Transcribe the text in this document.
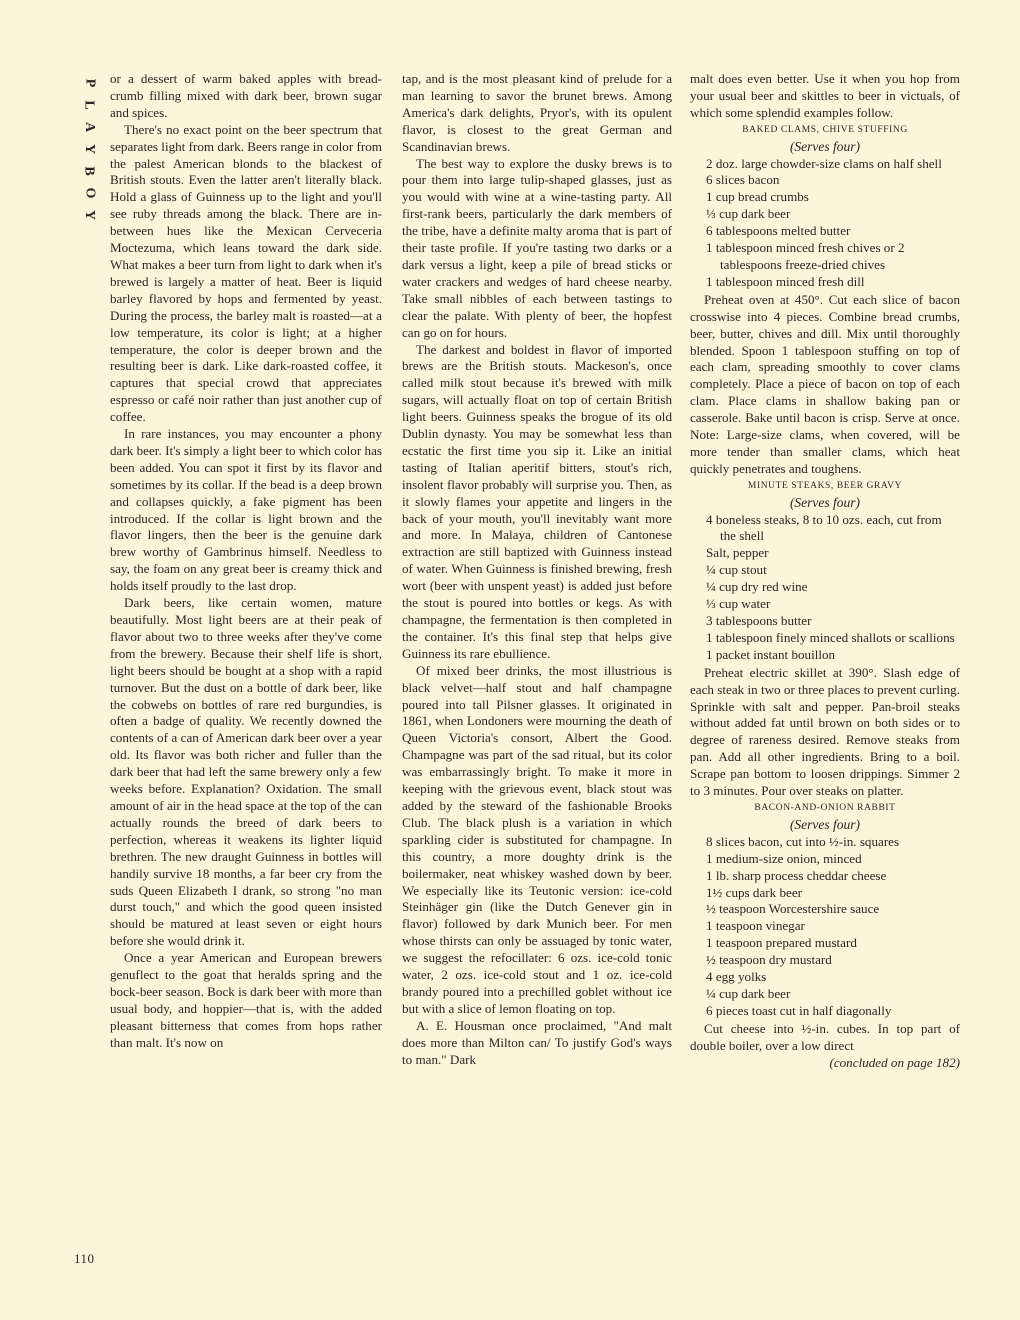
P
L
A
Y
B
O
Y
110

or a dessert of warm baked apples with bread-crumb filling mixed with dark beer, brown sugar and spices.

There's no exact point on the beer spectrum that separates light from dark. Beers range in color from the palest American blonds to the blackest of British stouts. Even the latter aren't literally black. Hold a glass of Guinness up to the light and you'll see ruby threads among the black. There are in-between hues like the Mexican Cerveceria Moctezuma, which leans toward the dark side. What makes a beer turn from light to dark when it's brewed is largely a matter of heat. Beer is liquid barley flavored by hops and fermented by yeast. During the process, the barley malt is roasted—at a low temperature, its color is light; at a higher temperature, the color is deeper brown and the resulting beer is dark. Like dark-roasted coffee, it captures that special crowd that appreciates espresso or café noir rather than just another cup of coffee.

In rare instances, you may encounter a phony dark beer. It's simply a light beer to which color has been added. You can spot it first by its flavor and sometimes by its collar. If the bead is a deep brown and collapses quickly, a fake pigment has been introduced. If the collar is light brown and the flavor lingers, then the beer is the genuine dark brew worthy of Gambrinus himself. Needless to say, the foam on any great beer is creamy thick and holds itself proudly to the last drop.

Dark beers, like certain women, mature beautifully. Most light beers are at their peak of flavor about two to three weeks after they've come from the brewery. Because their shelf life is short, light beers should be bought at a shop with a rapid turnover. But the dust on a bottle of dark beer, like the cobwebs on bottles of rare red burgundies, is often a badge of quality. We recently downed the contents of a can of American dark beer over a year old. Its flavor was both richer and fuller than the dark beer that had left the same brewery only a few weeks before. Explanation? Oxidation. The small amount of air in the head space at the top of the can actually rounds the breed of dark beers to perfection, whereas it weakens its lighter liquid brethren. The new draught Guinness in bottles will handily survive 18 months, a far beer cry from the suds Queen Elizabeth I drank, so strong "no man durst touch," and which the good queen insisted should be matured at least seven or eight hours before she would drink it.

Once a year American and European brewers genuflect to the goat that heralds spring and the bock-beer season. Bock is dark beer with more than usual body, and hoppier—that is, with the added pleasant bitterness that comes from hops rather than malt. It's now on

tap, and is the most pleasant kind of prelude for a man learning to savor the brunet brews. Among America's dark delights, Pryor's, with its opulent flavor, is closest to the great German and Scandinavian brews.

The best way to explore the dusky brews is to pour them into large tulip-shaped glasses, just as you would with wine at a wine-tasting party. All first-rank beers, particularly the dark members of the tribe, have a definite malty aroma that is part of their taste profile. If you're tasting two darks or a dark versus a light, keep a pile of bread sticks or water crackers and wedges of hard cheese nearby. Take small nibbles of each between tastings to clear the palate. With plenty of beer, the hopfest can go on for hours.

The darkest and boldest in flavor of imported brews are the British stouts. Mackeson's, once called milk stout because it's brewed with milk sugars, will actually float on top of certain British light beers. Guinness speaks the brogue of its old Dublin dynasty. You may be somewhat less than ecstatic the first time you sip it. Like an initial tasting of Italian aperitif bitters, stout's rich, insolent flavor probably will surprise you. Then, as it slowly flames your appetite and lingers in the back of your mouth, you'll inevitably want more and more. In Malaya, children of Cantonese extraction are still baptized with Guinness instead of water. When Guinness is finished brewing, fresh wort (beer with unspent yeast) is added just before the stout is poured into bottles or kegs. As with champagne, the fermentation is then completed in the container. It's this final step that helps give Guinness its rare ebullience.

Of mixed beer drinks, the most illustrious is black velvet—half stout and half champagne poured into tall Pilsner glasses. It originated in 1861, when Londoners were mourning the death of Queen Victoria's consort, Albert the Good. Champagne was part of the sad ritual, but its color was embarrassingly bright. To make it more in keeping with the grievous event, black stout was added by the steward of the fashionable Brooks Club. The black plush is a variation in which sparkling cider is substituted for champagne. In this country, a more doughty drink is the boilermaker, neat whiskey washed down by beer. We especially like its Teutonic version: ice-cold Steinhäger gin (like the Dutch Genever gin in flavor) followed by dark Munich beer. For men whose thirsts can only be assuaged by tonic water, we suggest the refocillater: 6 ozs. ice-cold tonic water, 2 ozs. ice-cold stout and 1 oz. ice-cold brandy poured into a prechilled goblet without ice but with a slice of lemon floating on top.

A. E. Housman once proclaimed, "And malt does more than Milton can/ To justify God's ways to man." Dark

malt does even better. Use it when you hop from your usual beer and skittles to beer in victuals, of which some splendid examples follow.

BAKED CLAMS, CHIVE STUFFING

(Serves four)

2 doz. large chowder-size clams on half shell
6 slices bacon
1 cup bread crumbs
⅓ cup dark beer
6 tablespoons melted butter
1 tablespoon minced fresh chives or 2 tablespoons freeze-dried chives
1 tablespoon minced fresh dill

Preheat oven at 450°. Cut each slice of bacon crosswise into 4 pieces. Combine bread crumbs, beer, butter, chives and dill. Mix until thoroughly blended. Spoon 1 tablespoon stuffing on top of each clam, spreading smoothly to cover clams completely. Place a piece of bacon on top of each clam. Place clams in shallow baking pan or casserole. Bake until bacon is crisp. Serve at once. Note: Large-size clams, when covered, will be more tender than smaller clams, which heat quickly penetrates and toughens.

MINUTE STEAKS, BEER GRAVY

(Serves four)

4 boneless steaks, 8 to 10 ozs. each, cut from the shell
Salt, pepper
¼ cup stout
¼ cup dry red wine
⅓ cup water
3 tablespoons butter
1 tablespoon finely minced shallots or scallions
1 packet instant bouillon

Preheat electric skillet at 390°. Slash edge of each steak in two or three places to prevent curling. Sprinkle with salt and pepper. Pan-broil steaks without added fat until brown on both sides or to degree of rareness desired. Remove steaks from pan. Add all other ingredients. Bring to a boil. Scrape pan bottom to loosen drippings. Simmer 2 to 3 minutes. Pour over steaks on platter.

BACON-AND-ONION RABBIT

(Serves four)

8 slices bacon, cut into ½-in. squares
1 medium-size onion, minced
1 lb. sharp process cheddar cheese
1½ cups dark beer
½ teaspoon Worcestershire sauce
1 teaspoon vinegar
1 teaspoon prepared mustard
½ teaspoon dry mustard
4 egg yolks
¼ cup dark beer
6 pieces toast cut in half diagonally

Cut cheese into ½-in. cubes. In top part of double boiler, over a low direct

(concluded on page 182)
